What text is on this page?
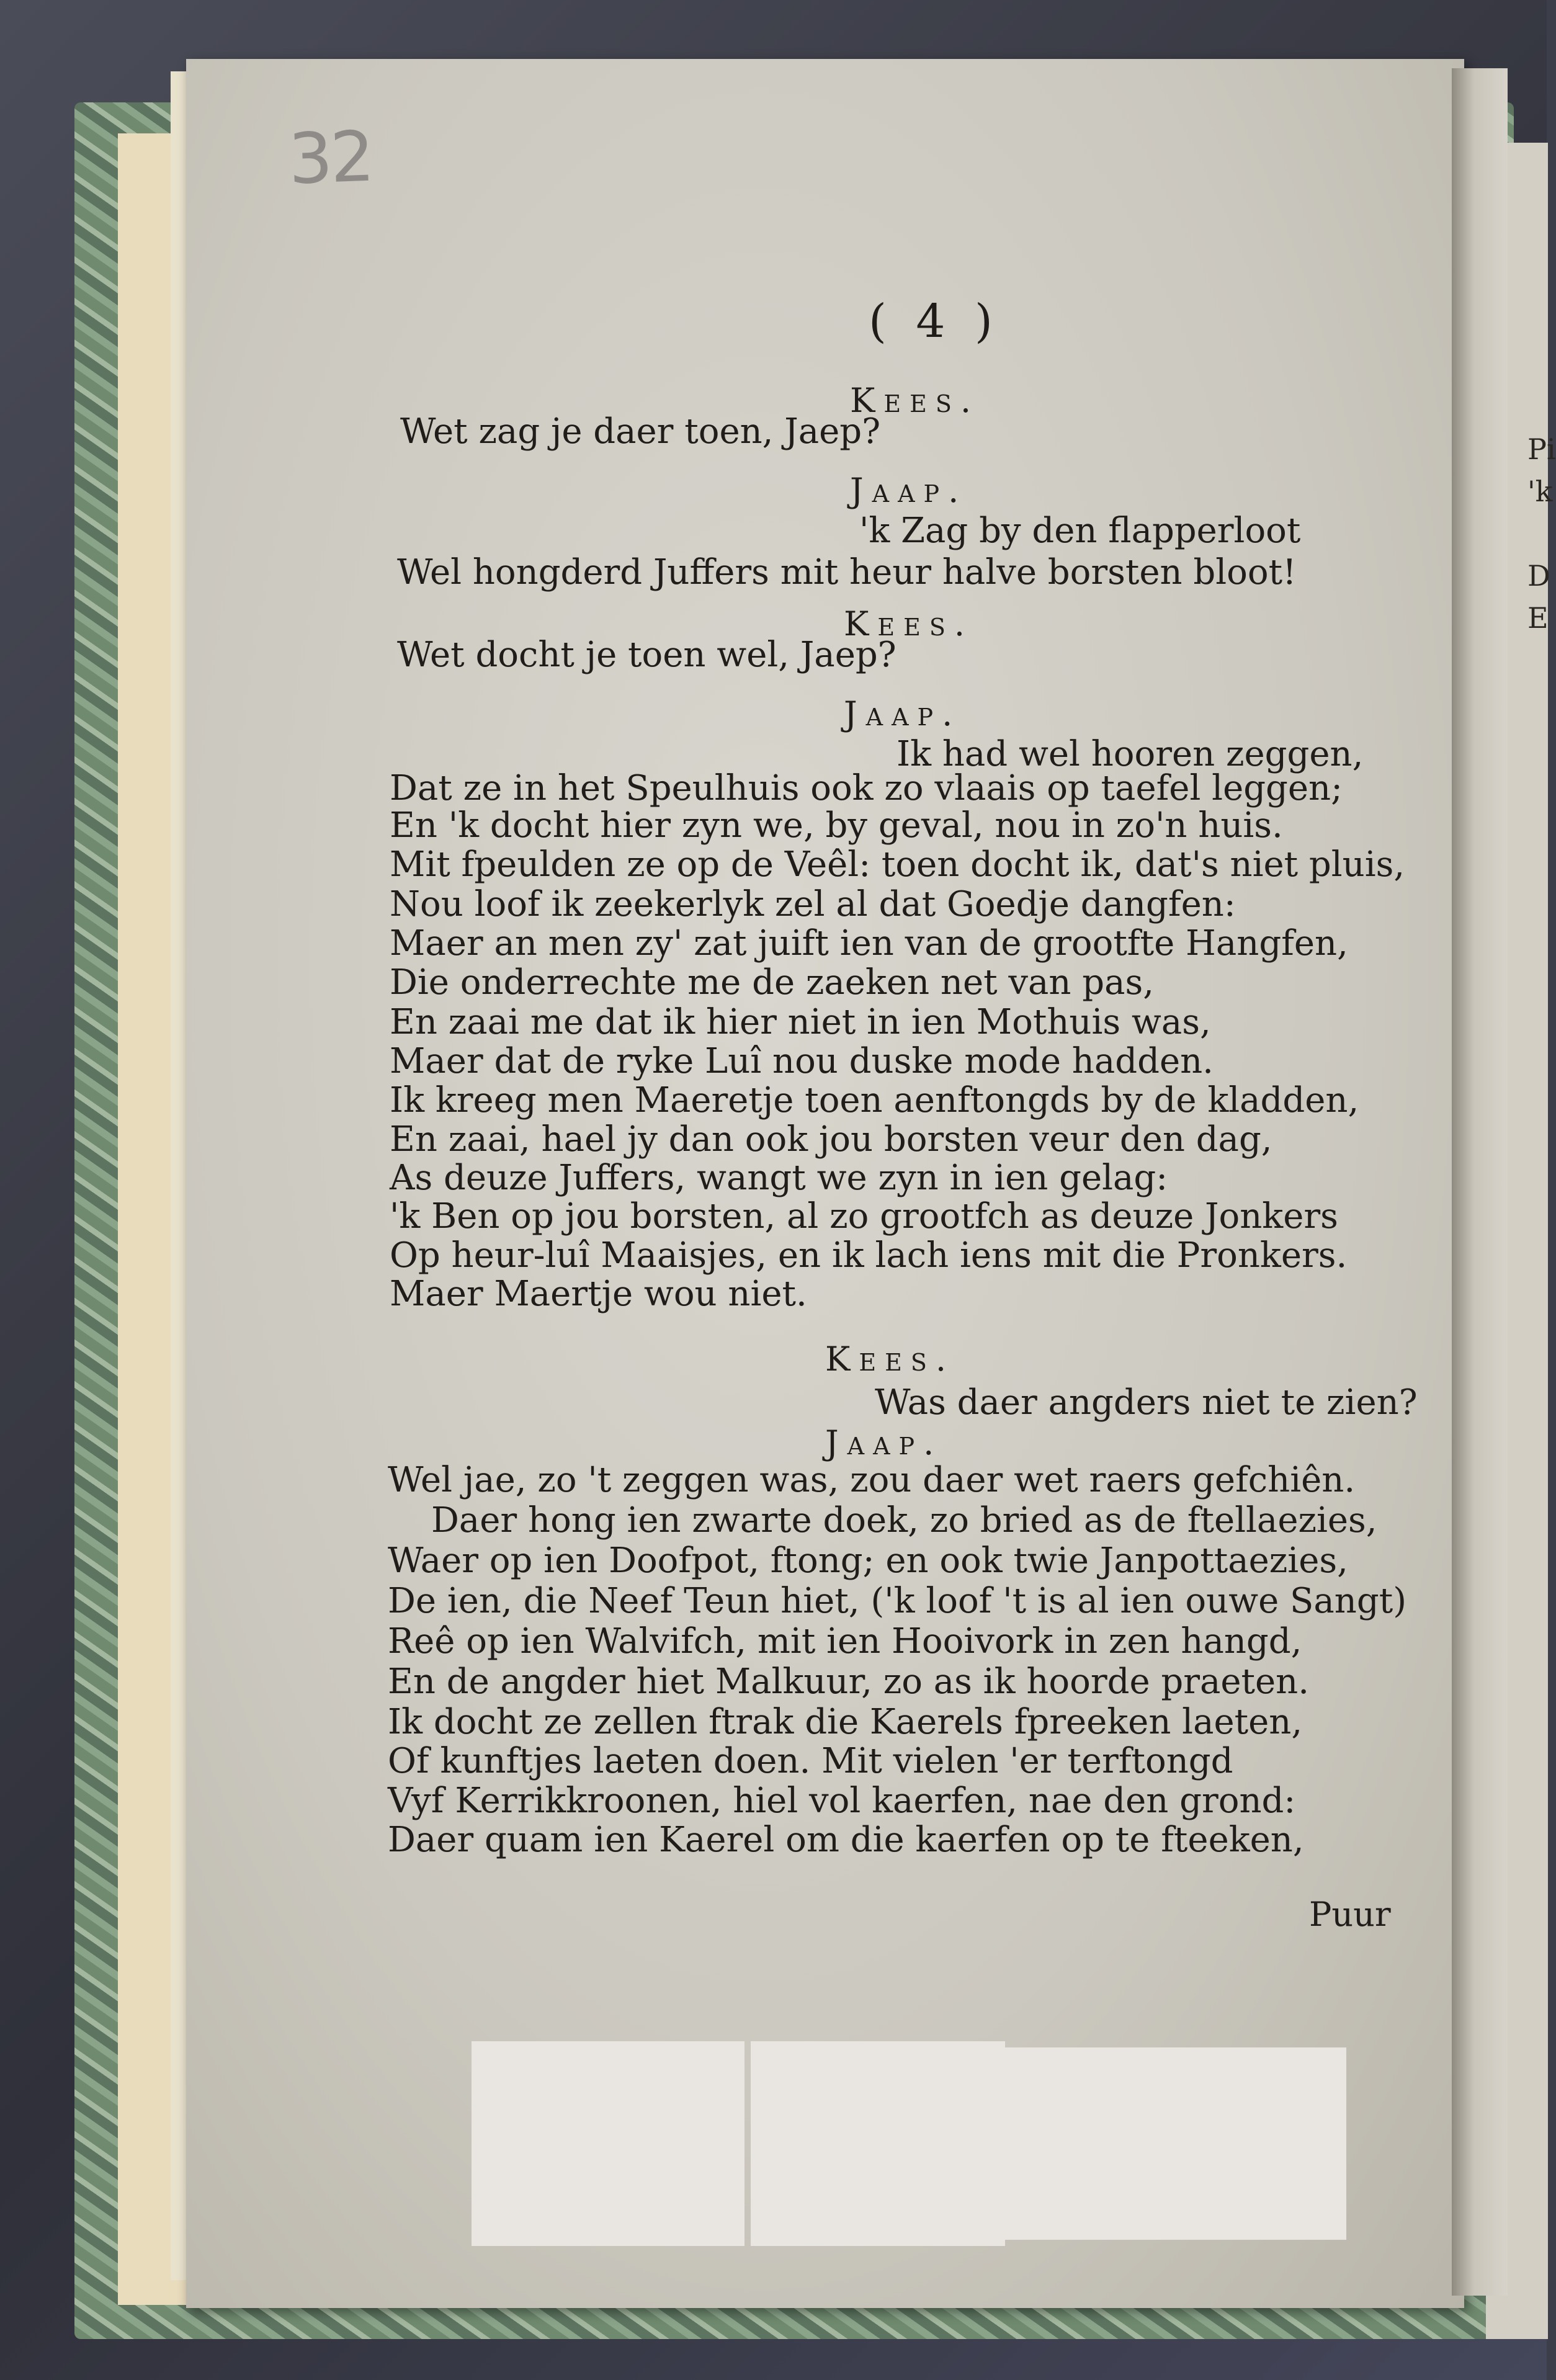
Pi
'k
D
E
32
( 4 )
Kees.
Wet zag je daer toen, Jaep?
Jaap.
'k Zag by den flapperloot
Wel hongderd Juffers mit heur halve borsten bloot!
Kees.
Wet docht je toen wel, Jaep?
Jaap.
Ik had wel hooren zeggen,
Dat ze in het Speulhuis ook zo vlaais op taefel leggen;
En 'k docht hier zyn we, by geval, nou in zo'n huis.
Mit fpeulden ze op de Veêl: toen docht ik, dat's niet pluis,
Nou loof ik zeekerlyk zel al dat Goedje dangfen:
Maer an men zy' zat juift ien van de grootfte Hangfen,
Die onderrechte me de zaeken net van pas,
En zaai me dat ik hier niet in ien Mothuis was,
Maer dat de ryke Luî nou duske mode hadden.
Ik kreeg men Maeretje toen aenftongds by de kladden,
En zaai, hael jy dan ook jou borsten veur den dag,
As deuze Juffers, wangt we zyn in ien gelag:
'k Ben op jou borsten, al zo grootfch as deuze Jonkers
Op heur-luî Maaisjes, en ik lach iens mit die Pronkers.
Maer Maertje wou niet.
Kees.
Was daer angders niet te zien?
Jaap.
Wel jae, zo 't zeggen was, zou daer wet raers gefchiên.
Daer hong ien zwarte doek, zo bried as de ftellaezies,
Waer op ien Doofpot, ftong; en ook twie Janpottaezies,
De ien, die Neef Teun hiet, ('k loof 't is al ien ouwe Sangt)
Reê op ien Walvifch, mit ien Hooivork in zen hangd,
En de angder hiet Malkuur, zo as ik hoorde praeten.
Ik docht ze zellen ftrak die Kaerels fpreeken laeten,
Of kunftjes laeten doen. Mit vielen 'er terftongd
Vyf Kerrikkroonen, hiel vol kaerfen, nae den grond:
Daer quam ien Kaerel om die kaerfen op te fteeken,
Puur
